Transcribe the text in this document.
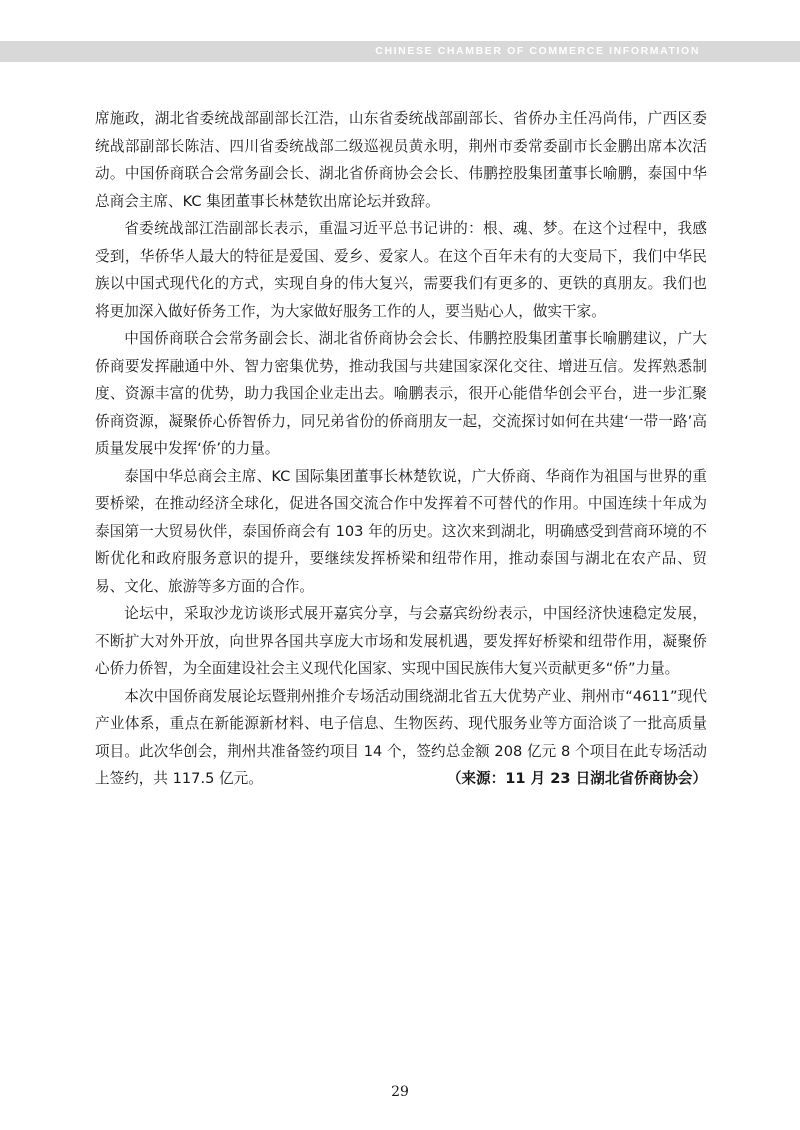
CHINESE CHAMBER OF COMMERCE INFORMATION

席施政，湖北省委统战部副部长江浩，山东省委统战部副部长、省侨办主任冯尚伟，广西区委统战部副部长陈洁、四川省委统战部二级巡视员黄永明，荆州市委常委副市长金鹏出席本次活动。中国侨商联合会常务副会长、湖北省侨商协会会长、伟鹏控股集团董事长喻鹏，泰国中华总商会主席、KC 集团董事长林楚钦出席论坛并致辞。

省委统战部江浩副部长表示，重温习近平总书记讲的：根、魂、梦。在这个过程中，我感受到，华侨华人最大的特征是爱国、爱乡、爱家人。在这个百年未有的大变局下，我们中华民族以中国式现代化的方式，实现自身的伟大复兴，需要我们有更多的、更铁的真朋友。我们也将更加深入做好侨务工作，为大家做好服务工作的人，要当贴心人，做实干家。

中国侨商联合会常务副会长、湖北省侨商协会会长、伟鹏控股集团董事长喻鹏建议，广大侨商要发挥融通中外、智力密集优势，推动我国与共建国家深化交往、增进互信。发挥熟悉制度、资源丰富的优势，助力我国企业走出去。喻鹏表示，很开心能借华创会平台，进一步汇聚侨商资源，凝聚侨心侨智侨力，同兄弟省份的侨商朋友一起，交流探讨如何在共建‘一带一路’高质量发展中发挥‘侨’的力量。

泰国中华总商会主席、KC 国际集团董事长林楚钦说，广大侨商、华商作为祖国与世界的重要桥梁，在推动经济全球化，促进各国交流合作中发挥着不可替代的作用。中国连续十年成为泰国第一大贸易伙伴，泰国侨商会有 103 年的历史。这次来到湖北，明确感受到营商环境的不断优化和政府服务意识的提升，要继续发挥桥梁和纽带作用，推动泰国与湖北在农产品、贸易、文化、旅游等多方面的合作。

论坛中，采取沙龙访谈形式展开嘉宾分享，与会嘉宾纷纷表示，中国经济快速稳定发展，不断扩大对外开放，向世界各国共享庞大市场和发展机遇，要发挥好桥梁和纽带作用，凝聚侨心侨力侨智，为全面建设社会主义现代化国家、实现中国民族伟大复兴贡献更多“侨”力量。

本次中国侨商发展论坛暨荆州推介专场活动围绕湖北省五大优势产业、荆州市“4611”现代产业体系，重点在新能源新材料、电子信息、生物医药、现代服务业等方面洽谈了一批高质量项目。此次华创会，荆州共准备签约项目 14 个，签约总金额 208 亿元 8 个项目在此专场活动上签约，共 117.5 亿元。	（来源：11 月 23 日湖北省侨商协会）

29
